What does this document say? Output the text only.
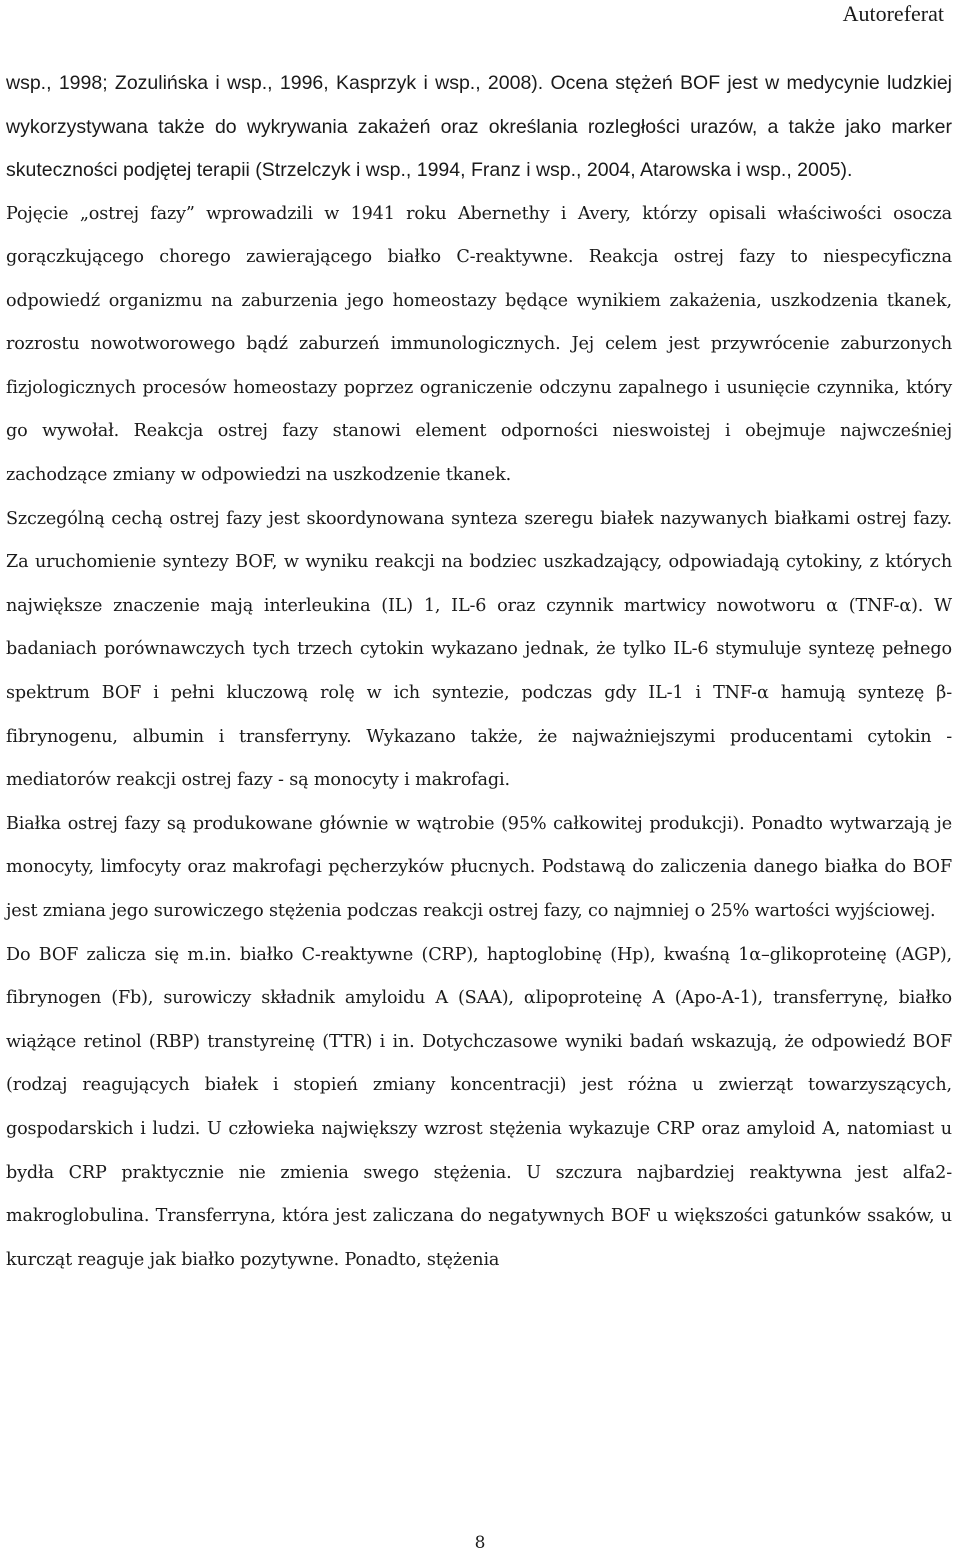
Autoreferat

wsp., 1998; Zozulińska i wsp., 1996, Kasprzyk i wsp., 2008). Ocena stężeń BOF jest w medycynie ludzkiej wykorzystywana także do wykrywania zakażeń oraz określania rozległości urazów, a także jako marker skuteczności podjętej terapii (Strzelczyk i wsp., 1994, Franz i wsp., 2004, Atarowska i wsp., 2005).

Pojęcie „ostrej fazy” wprowadzili w 1941 roku Abernethy i Avery, którzy opisali właściwości osocza gorączkującego chorego zawierającego białko C-reaktywne. Reakcja ostrej fazy to niespecyficzna odpowiedź organizmu na zaburzenia jego homeostazy będące wynikiem zakażenia, uszkodzenia tkanek, rozrostu nowotworowego bądź zaburzeń immunologicznych. Jej celem jest przywrócenie zaburzonych fizjologicznych procesów homeostazy poprzez ograniczenie odczynu zapalnego i usunięcie czynnika, który go wywołał. Reakcja ostrej fazy stanowi element odporności nieswoistej i obejmuje najwcześniej zachodzące zmiany w odpowiedzi na uszkodzenie tkanek.

Szczególną cechą ostrej fazy jest skoordynowana synteza szeregu białek nazywanych białkami ostrej fazy. Za uruchomienie syntezy BOF, w wyniku reakcji na bodziec uszkadzający, odpowiadają cytokiny, z których największe znaczenie mają interleukina (IL) 1, IL-6 oraz czynnik martwicy nowotworu α (TNF-α). W badaniach porównawczych tych trzech cytokin wykazano jednak, że tylko IL-6 stymuluje syntezę pełnego spektrum BOF i pełni kluczową rolę w ich syntezie, podczas gdy IL-1 i TNF-α hamują syntezę β-fibrynogenu, albumin i transferryny. Wykazano także, że najważniejszymi producentami cytokin - mediatorów reakcji ostrej fazy - są monocyty i makrofagi.

Białka ostrej fazy są produkowane głównie w wątrobie (95% całkowitej produkcji). Ponadto wytwarzają je monocyty, limfocyty oraz makrofagi pęcherzyków płucnych. Podstawą do zaliczenia danego białka do BOF jest zmiana jego surowiczego stężenia podczas reakcji ostrej fazy, co najmniej o 25% wartości wyjściowej.

Do BOF zalicza się m.in. białko C-reaktywne (CRP), haptoglobinę (Hp), kwaśną 1α–glikoproteinę (AGP), fibrynogen (Fb), surowiczy składnik amyloidu A (SAA), αlipoproteinę A (Apo-A-1), transferrynę, białko wiążące retinol (RBP) transtyreinę (TTR) i in. Dotychczasowe wyniki badań wskazują, że odpowiedź BOF (rodzaj reagujących białek i stopień zmiany koncentracji) jest różna u zwierząt towarzyszących, gospodarskich i ludzi. U człowieka największy wzrost stężenia wykazuje CRP oraz amyloid A, natomiast u bydła CRP praktycznie nie zmienia swego stężenia. U szczura najbardziej reaktywna jest alfa2-makroglobulina. Transferryna, która jest zaliczana do negatywnych BOF u większości gatunków ssaków, u kurcząt reaguje jak białko pozytywne. Ponadto, stężenia

8
